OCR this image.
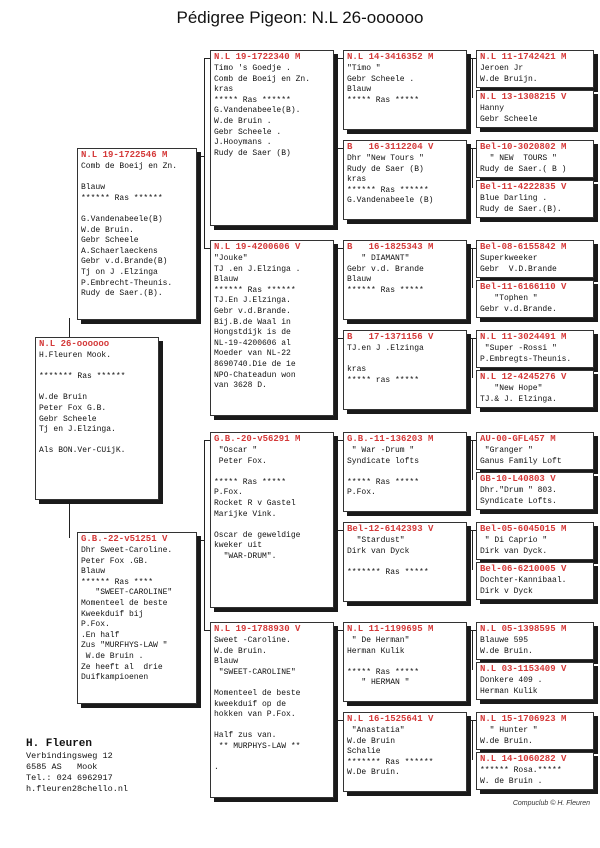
Pédigree Pigeon: N.L 26-oooooo
N.L 26-oooooo
H.Fleuren Mook.
******* Ras ******
W.de Bruin
Peter Fox G.B.
Gebr Scheele
Tj en J.Elzinga.
Als BON.Ver-CUijK.
N.L 19-1722546 M
Comb de Boeij en Zn.
Blauw
****** Ras ******
G.Vandenabeele(B)
W.de Bruin.
Gebr Scheele
A.Schaerlaeckens
Gebr v.d.Brande(B)
Tj on J .Elzinga
P.Embrecht-Theunis.
Rudy de Saer.(B).
G.B.-22-v51251 V
Dhr Sweet-Caroline.
Peter Fox .GB.
Blauw
****** Ras ****
"SWEET-CAROLINE"
Momenteel de beste
Kweekduif bij
P.Fox.
.En half
Zus "MURFHYS-LAW "
W.de Bruin .
Ze heeft al  drie
Duifkampioenen
N.L 19-1722340 M
Timo 's Goedje .
Comb de Boeij en Zn.
kras
***** Ras ******
G.Vandenabeele(B).
W.de Bruin .
Gebr Scheele .
J.Hooymans .
Rudy de Saer (B)
N.L 19-4200606 V
"Jouke"
TJ .en J.Elzinga .
Blauw
****** Ras ******
TJ.En J.Elzinga.
Gebr v.d.Brande.
Bij.B.de Waal in
Hongstdijk is de
NL-19-4200606 al
Moeder van NL-22
8690740.Die de 1e
NPO-Chateadun won
van 3628 D.
G.B.-20-v56291 M
"Oscar "
Peter Fox.
***** Ras *****
P.Fox.
Rocket R v Gastel
Marijke Vink.
Oscar de geweldige
kweker uit
"WAR-DRUM".
N.L 19-1788930 V
Sweet -Caroline.
W.de Bruin.
Blauw
"SWEET-CAROLINE"
Momenteel de beste
kweekduif op de
hokken van P.Fox.
Half zus van.
** MURPHYS-LAW **
.
N.L 14-3416352 M
"Timo "
Gebr Scheele .
Blauw
***** Ras *****
B   16-3112204 V
Dhr "New Tours "
Rudy de Saer (B)
kras
****** Ras ******
G.Vandenabeele (B)
B   16-1825343 M
" DIAMANT"
Gebr v.d. Brande
Blauw
****** Ras *****
B   17-1371156 V
TJ.en J .Elzinga
kras
***** ras *****
G.B.-11-136203 M
" War -Drum "
Syndicate lofts
***** Ras *****
P.Fox.
Bel-12-6142393 V
"Stardust"
Dirk van Dyck
******* Ras *****
N.L 11-1199695 M
" De Herman"
Herman Kulik
***** Ras *****
" HERMAN "
N.L 16-1525641 V
"Anastatia"
W.de Bruin
Schalie
******* Ras ******
W.De Bruin.
N.L 11-1742421 M
Jeroen Jr
W.de Bruijn.
N.L 13-1308215 V
Hanny
Gebr Scheele
Bel-10-3020802 M
" NEW  TOURS "
Rudy de Saer.( B )
Bel-11-4222835 V
Blue Darling .
Rudy de Saer.(B).
Bel-08-6155842 M
Superkweeker
Gebr  V.D.Brande
Bel-11-6166110 V
"Tophen "
Gebr v.d.Brande.
N.L 11-3024491 M
"Super -Rossi "
P.Embregts-Theunis.
N.L 12-4245276 V
"New Hope"
TJ.& J. Elzinga.
AU-00-GFL457 M
"Granger "
Ganus Family Loft
GB-10-L40803 V
Dhr."Drum " 803.
Syndicate Lofts.
Bel-05-6045015 M
" Di Caprio "
Dirk van Dyck.
Bel-06-6210005 V
Dochter-Kannibaal.
Dirk v Dyck
N.L 05-1398595 M
Blauwe 595
W.de Bruin.
N.L 03-1153409 V
Donkere 409 .
Herman Kulik
N.L 15-1706923 M
" Hunter "
W.de Bruin.
N.L 14-1060282 V
****** Rosa.*****
W. de Bruin .
H. Fleuren
Verbindingsweg 12
6585 AS   Mook
Tel.: 024 6962917
h.fleuren28chello.nl
Compuclub © H. Fleuren
